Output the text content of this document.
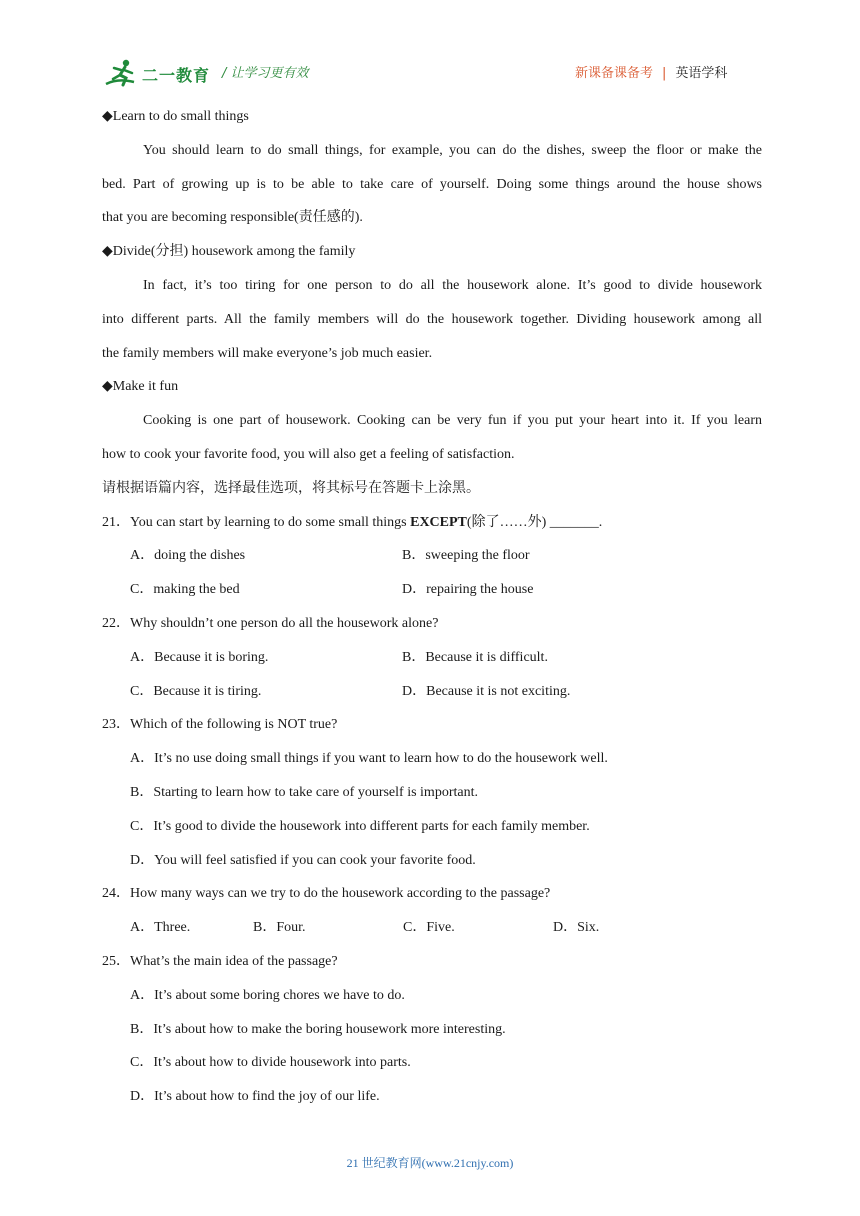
二一教育 / 让学习更有效	新课备课备考 | 英语学科
◆Learn to do small things
You should learn to do small things, for example, you can do the dishes, sweep the floor or make the
bed. Part of growing up is to be able to take care of yourself. Doing some things around the house shows
that you are becoming responsible(责任感的).
◆Divide(分担) housework among the family
In fact, it’s too tiring for one person to do all the housework alone. It’s good to divide housework
into different parts. All the family members will do the housework together. Dividing housework among all
the family members will make everyone’s job much easier.
◆Make it fun
Cooking is one part of housework. Cooking can be very fun if you put your heart into it. If you learn
how to cook your favorite food, you will also get a feeling of satisfaction.
请根据语篇内容，选择最佳选项，将其标号在答题卡上涂黑。
21．You can start by learning to do some small things EXCEPT(除了……外) _______.
A．doing the dishes	B．sweeping the floor
C．making the bed	D．repairing the house
22．Why shouldn’t one person do all the housework alone?
A．Because it is boring.	B．Because it is difficult.
C．Because it is tiring.	D．Because it is not exciting.
23．Which of the following is NOT true?
A．It’s no use doing small things if you want to learn how to do the housework well.
B．Starting to learn how to take care of yourself is important.
C．It’s good to divide the housework into different parts for each family member.
D．You will feel satisfied if you can cook your favorite food.
24．How many ways can we try to do the housework according to the passage?
A．Three.	B．Four.	C．Five.	D．Six.
25．What’s the main idea of the passage?
A．It’s about some boring chores we have to do.
B．It’s about how to make the boring housework more interesting.
C．It’s about how to divide housework into parts.
D．It’s about how to find the joy of our life.
21 世纪教育网(www.21cnjy.com)
